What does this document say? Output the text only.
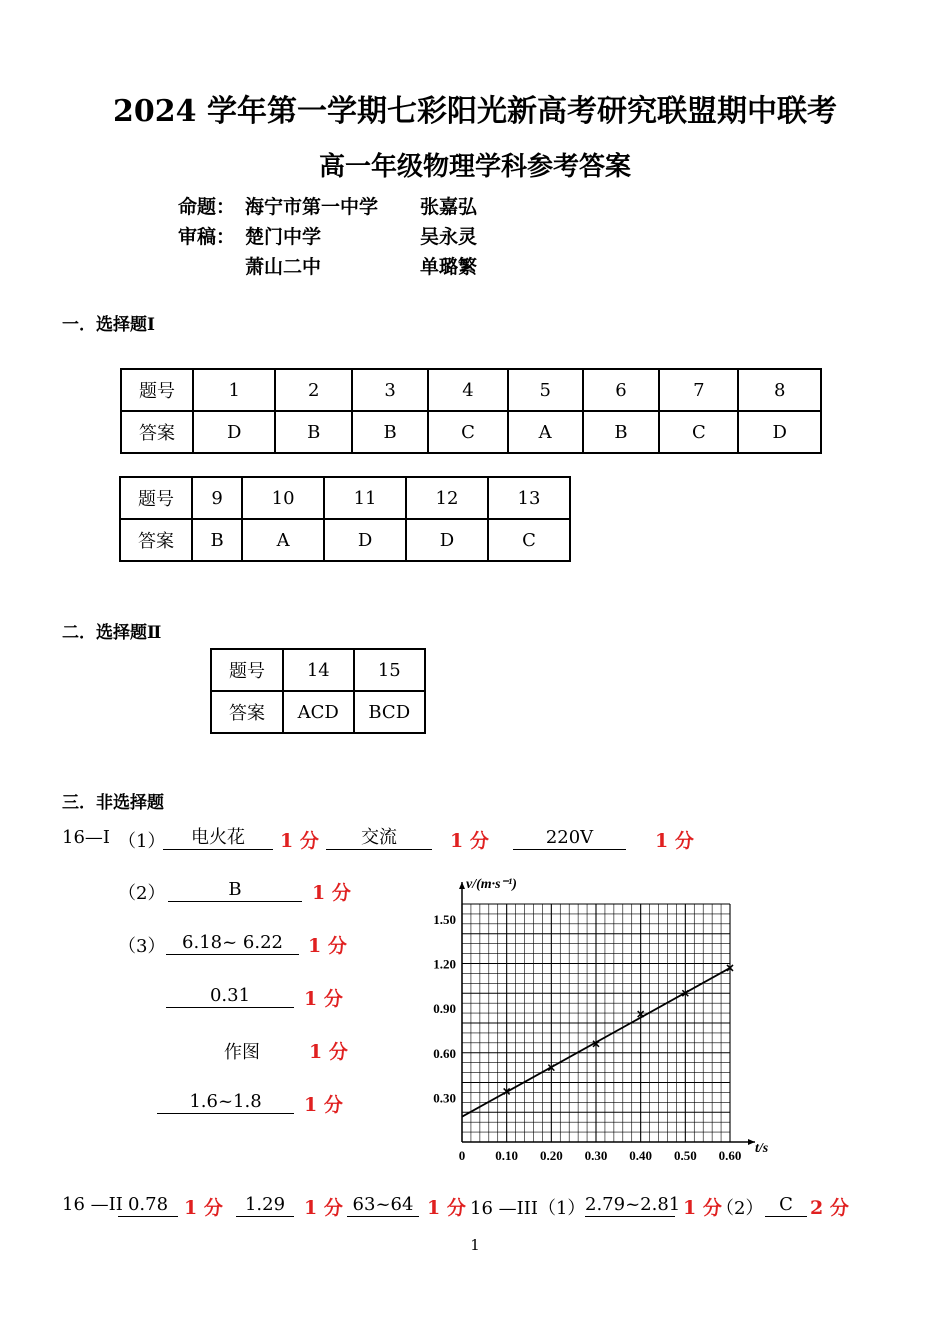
2024 学年第一学期七彩阳光新高考研究联盟期中联考
高一年级物理学科参考答案
命题： 海宁市第一中学 张嘉弘
审稿： 楚门中学	吴永灵
萧山二中	单璐繁
一．选择题Ⅰ
题号	1	2	3	4	5	6	7	8
答案	D	B	B	C	A	B	C	D
题号	9	10	11	12	13
答案	B	A	D	D	C
二．选择题Ⅱ
题号	14	15
答案	ACD	BCD
三．非选择题
16—I （1）	电火花	1 分	交流	1 分	220V	1 分
（2）	B	1 分
（3） 6.18~ 6.22	1 分
0.31	1 分
作图	1 分
1.6~1.8	1 分
0 0.10 0.20 0.30 0.40 0.50 0.60
0.30
0.60
0.90
1.20
1.50
v/(m·s⁻¹)
t/s
16 —II 0.78 1 分	1.29 1 分 63~64 1 分 16 —III（1） 2.79~2.81 1 分
（2） C 2 分
1
